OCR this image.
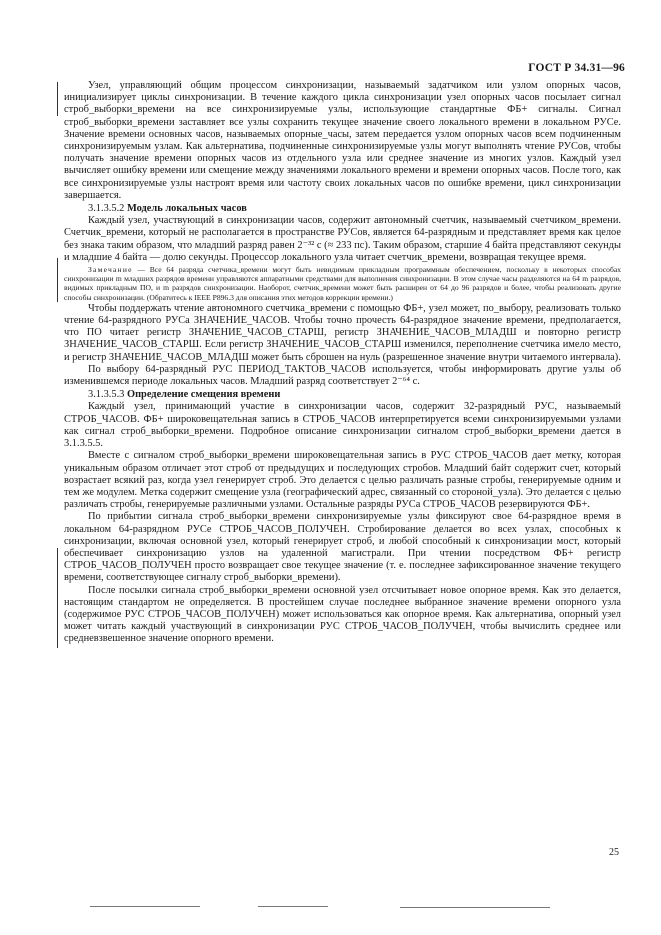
ГОСТ Р 34.31—96

Узел, управляющий общим процессом синхронизации, называемый задатчиком или узлом опорных часов, инициализирует циклы синхронизации. В течение каждого цикла синхронизации узел опорных часов посылает сигнал строб_выборки_времени на все синхронизируемые узлы, использующие стандартные ФБ+ сигналы. Сигнал строб_выборки_времени заставляет все узлы сохранить текущее значение своего локального времени в локальном РУСе. Значение времени основных часов, называемых опорные_часы, затем передается узлом опорных часов всем подчиненным синхронизируемым узлам. Как альтернатива, подчиненные синхронизируемые узлы могут выполнять чтение РУСов, чтобы получать значение времени опорных часов из отдельного узла или среднее значение из многих узлов. Каждый узел вычисляет ошибку времени или смещение между значениями локального времени и времени опорных часов. После того, как все синхронизируемые узлы настроят время или частоту своих локальных часов по ошибке времени, цикл синхронизации завершается.

3.1.3.5.2 Модель локальных часов

Каждый узел, участвующий в синхронизации часов, содержит автономный счетчик, называемый счетчиком_времени. Счетчик_времени, который не располагается в пространстве РУСов, является 64-разрядным и представляет время как целое без знака таким образом, что младший разряд равен 2⁻³² с (≈ 233 пс). Таким образом, старшие 4 байта представляют секунды и младшие 4 байта — долю секунды. Процессор локального узла читает счетчик_времени, возвращая текущее время.

Замечание — Все 64 разряда счетчика_времени могут быть невидимым прикладным программным обеспечением, поскольку в некоторых способах синхронизации m младших разрядов времени управляются аппаратными средствами для выполнения синхронизации. В этом случае часы разделяются на 64 m разрядов, видимых прикладным ПО, и m разрядов синхронизации. Наоборот, счетчик_времени может быть расширен от 64 до 96 разрядов и более, чтобы реализовать другие способы синхронизации. (Обратитесь к IEEE P896.3 для описания этих методов коррекции времени.)

Чтобы поддержать чтение автономного счетчика_времени с помощью ФБ+, узел может, по_выбору, реализовать только чтение 64-разрядного РУСа ЗНАЧЕНИЕ_ЧАСОВ. Чтобы точно прочесть 64-разрядное значение времени, предполагается, что ПО читает регистр ЗНАЧЕНИЕ_ЧАСОВ_СТАРШ, регистр ЗНАЧЕНИЕ_ЧАСОВ_МЛАДШ и повторно регистр ЗНАЧЕНИЕ_ЧАСОВ_СТАРШ. Если регистр ЗНАЧЕНИЕ_ЧАСОВ_СТАРШ изменился, переполнение счетчика имело место, и регистр ЗНАЧЕНИЕ_ЧАСОВ_МЛАДШ может быть сброшен на нуль (разрешенное значение внутри читаемого интервала).

По выбору 64-разрядный РУС ПЕРИОД_ТАКТОВ_ЧАСОВ используется, чтобы информировать другие узлы об изменившемся периоде локальных часов. Младший разряд соответствует 2⁻⁶⁴ с.

3.1.3.5.3 Определение смещения времени

Каждый узел, принимающий участие в синхронизации часов, содержит 32-разрядный РУС, называемый СТРОБ_ЧАСОВ. ФБ+ широковещательная запись в СТРОБ_ЧАСОВ интерпретируется всеми синхронизируемыми узлами как сигнал строб_выборки_времени. Подробное описание синхронизации сигналом строб_выборки_времени дается в 3.1.3.5.5.

Вместе с сигналом строб_выборки_времени широковещательная запись в РУС СТРОБ_ЧАСОВ дает метку, которая уникальным образом отличает этот строб от предыдущих и последующих стробов. Младший байт содержит счет, который возрастает всякий раз, когда узел генерирует строб. Это делается с целью различать разные стробы, генерируемые одним и тем же модулем. Метка содержит смещение узла (географический адрес, связанный со стороной_узла). Это делается с целью различать стробы, генерируемые различными узлами. Остальные разряды РУСа СТРОБ_ЧАСОВ резервируются ФБ+.

По прибытии сигнала строб_выборки_времени синхронизируемые узлы фиксируют свое 64-разрядное время в локальном 64-разрядном РУСе СТРОБ_ЧАСОВ_ПОЛУЧЕН. Стробирование делается во всех узлах, способных к синхронизации, включая основной узел, который генерирует строб, и любой способный к синхронизации мост, который обеспечивает синхронизацию узлов на удаленной магистрали. При чтении посредством ФБ+ регистр СТРОБ_ЧАСОВ_ПОЛУЧЕН просто возвращает свое текущее значение (т. е. последнее зафиксированное значение текущего времени, соответствующее сигналу строб_выборки_времени).

После посылки сигнала строб_выборки_времени основной узел отсчитывает новое опорное время. Как это делается, настоящим стандартом не определяется. В простейшем случае последнее выбранное значение времени опорного узла (содержимое РУС СТРОБ_ЧАСОВ_ПОЛУЧЕН) может использоваться как опорное время. Как альтернатива, опорный узел может читать каждый участвующий в синхронизации РУС СТРОБ_ЧАСОВ_ПОЛУЧЕН, чтобы вычислить среднее или средневзвешенное значение опорного времени.

25
